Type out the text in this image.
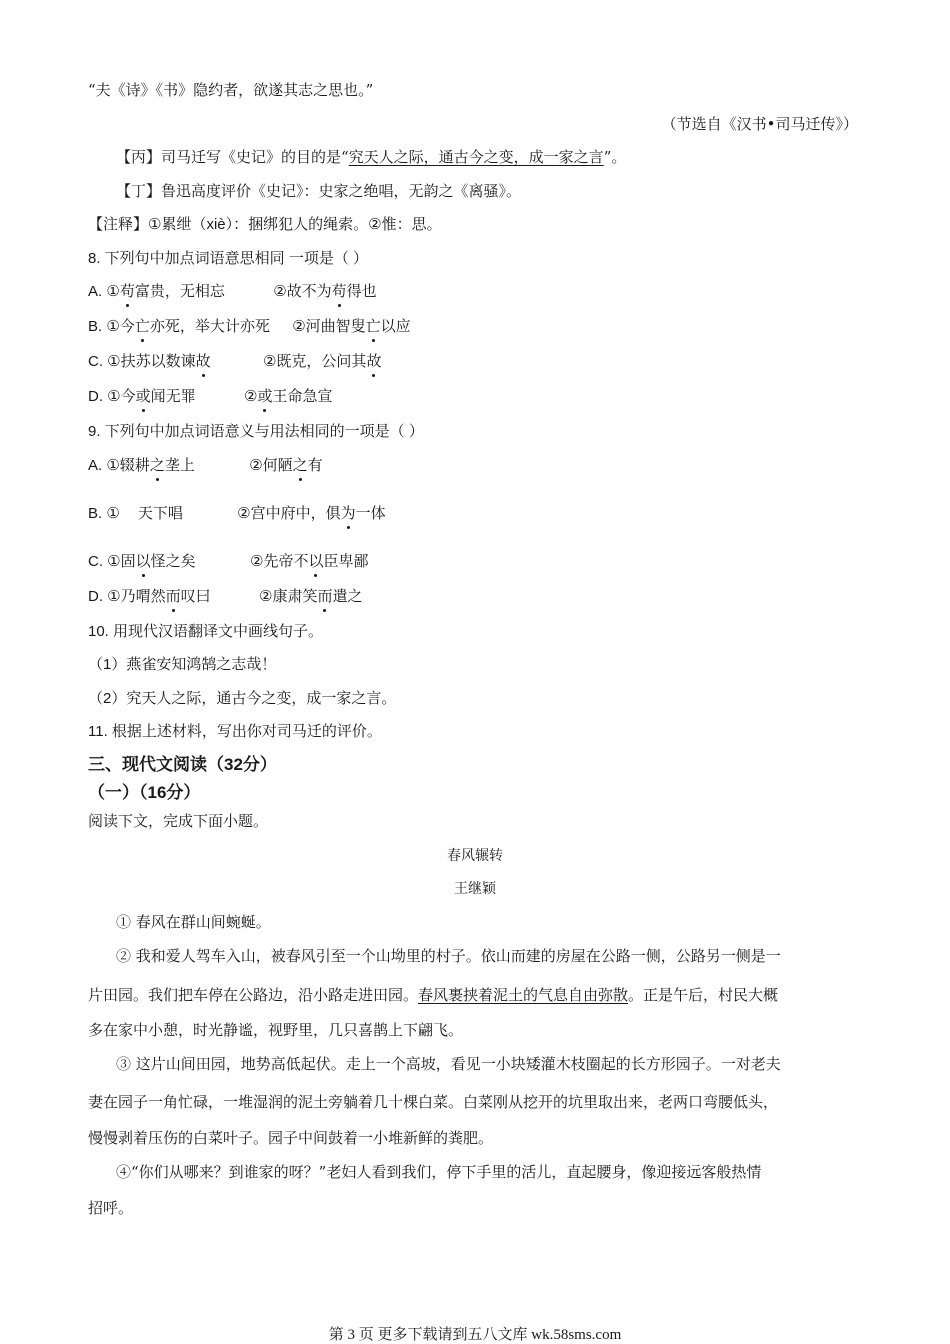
“夫《诗》《书》隐约者，欲遂其志之思也。”
（节选自《汉书•司马迁传》）
【丙】司马迁写《史记》的目的是“究天人之际，通古今之变，成一家之言”。
【丁】鲁迅高度评价《史记》：史家之绝唱，无韵之《离骚》。
【注释】①累绁（xiè）：捆绑犯人的绳索。②惟：思。
8. 下列句中加点词语意思相同 一项是（ ）
A. ①苟富贵，无相忘	②故不为苟得也
B. ①今亡亦死，举大计亦死 ②河曲智叟亡以应
C. ①扶苏以数谏故	②既克，公问其故
D. ①今或闻无罪	②或王命急宣
9. 下列句中加点词语意义与用法相同的一项是（ ）
A. ①辍耕之垄上	②何陋之有
B. ① 天下唱	②宫中府中，俱为一体
C. ①固以怪之矣	②先帝不以臣卑鄙
D. ①乃喟然而叹曰	②康肃笑而遣之
10. 用现代汉语翻译文中画线句子。
（1）燕雀安知鸿鹄之志哉！
（2）究天人之际，通古今之变，成一家之言。
11. 根据上述材料，写出你对司马迁的评价。
三、现代文阅读（32分）
（一）（16分）
阅读下文，完成下面小题。
春风辗转
王继颖
① 春风在群山间蜿蜒。
② 我和爱人驾车入山，被春风引至一个山坳里的村子。依山而建的房屋在公路一侧，公路另一侧是一
片田园。我们把车停在公路边，沿小路走进田园。春风裹挟着泥土的气息自由弥散。正是午后，村民大概
多在家中小憩，时光静谧，视野里，几只喜鹊上下翩飞。
③ 这片山间田园，地势高低起伏。走上一个高坡，看见一小块矮灌木枝圈起的长方形园子。一对老夫
妻在园子一角忙碌，一堆湿润的泥土旁躺着几十棵白菜。白菜刚从挖开的坑里取出来，老两口弯腰低头，
慢慢剥着压伤的白菜叶子。园子中间鼓着一小堆新鲜的粪肥。
④“你们从哪来？到谁家的呀？”老妇人看到我们，停下手里的活儿，直起腰身，像迎接远客般热情
招呼。
第 3 页 更多下载请到五八文库 wk.58sms.com
